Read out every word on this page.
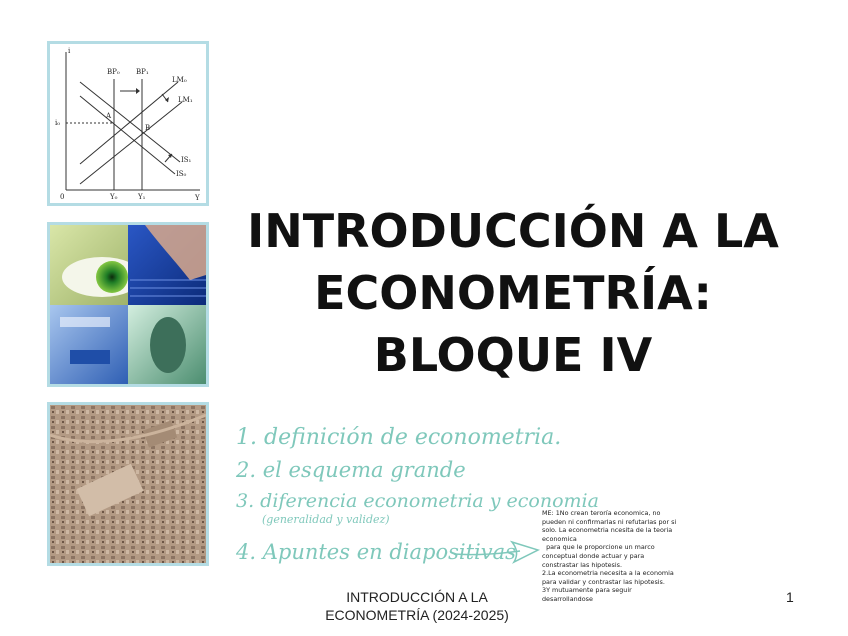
i
Y
0
i₀
BP₀ BP₁
LM₀
LM₁
IS₁
IS₀
A
B
Y₀	Y₁
INTRODUCCIÓN A LA
ECONOMETRÍA:
BLOQUE IV
1. definición de econometria.
2. el esquema grande
3. diferencia econometria y economia
(generalidad y validez)
4. Apuntes en diapositivas
ME: 1No crean teroría economica, no
pueden ni confirmarlas ni refutarlas por si
solo. La econometria ncesita de la teoria
economica
para que le proporcione un marco
conceptual donde actuar y para
constrastar las hipotesis.
2.La econometria necesita a la economia
para validar y contrastar las hipotesis.
3Y mutuamente para seguir
desarrollandose
INTRODUCCIÓN A LA
ECONOMETRÍA (2024-2025)
1
